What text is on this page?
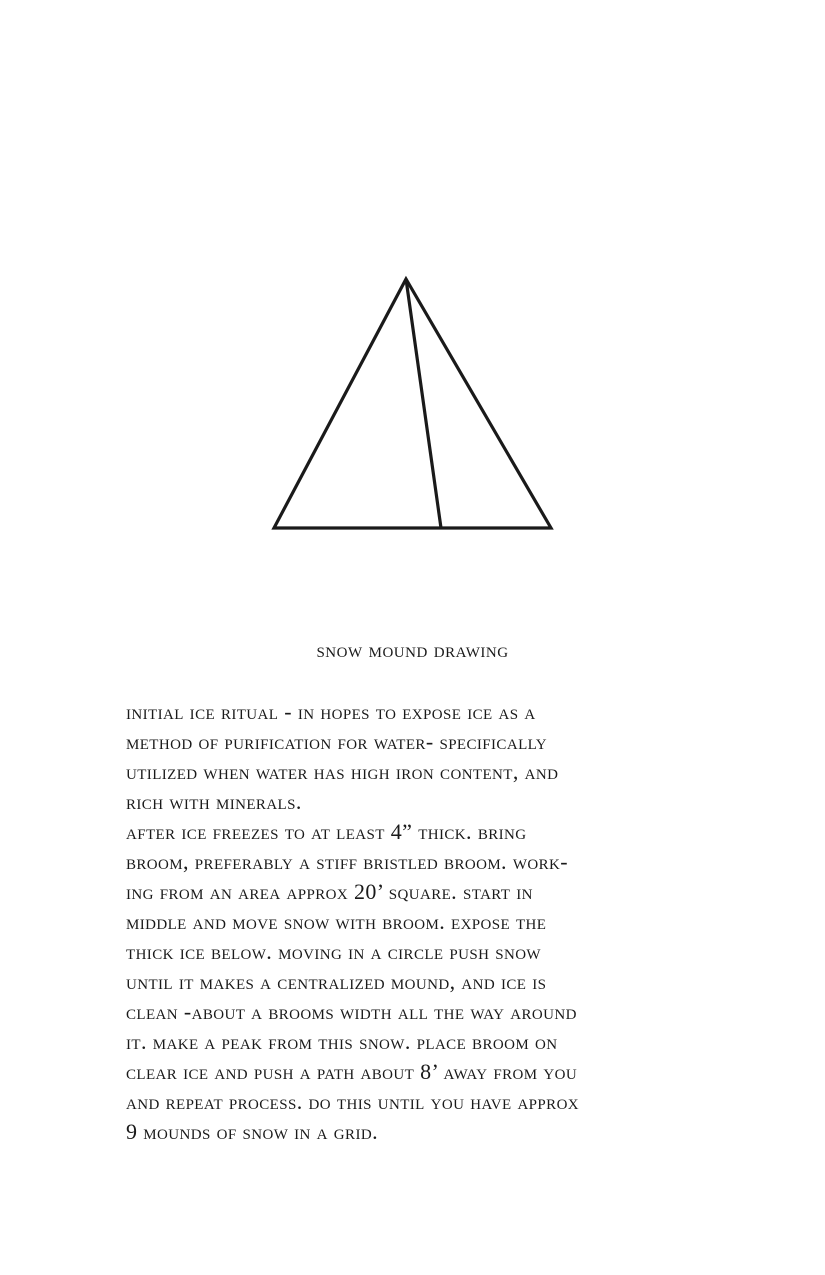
snow mound drawing
initial ice ritual - in hopes to expose ice as a
method of purification for water- specifically
utilized when water has high iron content, and
rich with minerals.
after ice freezes to at least 4” thick. bring
broom, preferably a stiff bristled broom. work-
ing from an area approx 20’ square. start in
middle and move snow with broom. expose the
thick ice below. moving in a circle push snow
until it makes a centralized mound, and ice is
clean -about a brooms width all the way around
it. make a peak from this snow. place broom on
clear ice and push a path about 8’ away from you
and repeat process. do this until you have approx
9 mounds of snow in a grid.
